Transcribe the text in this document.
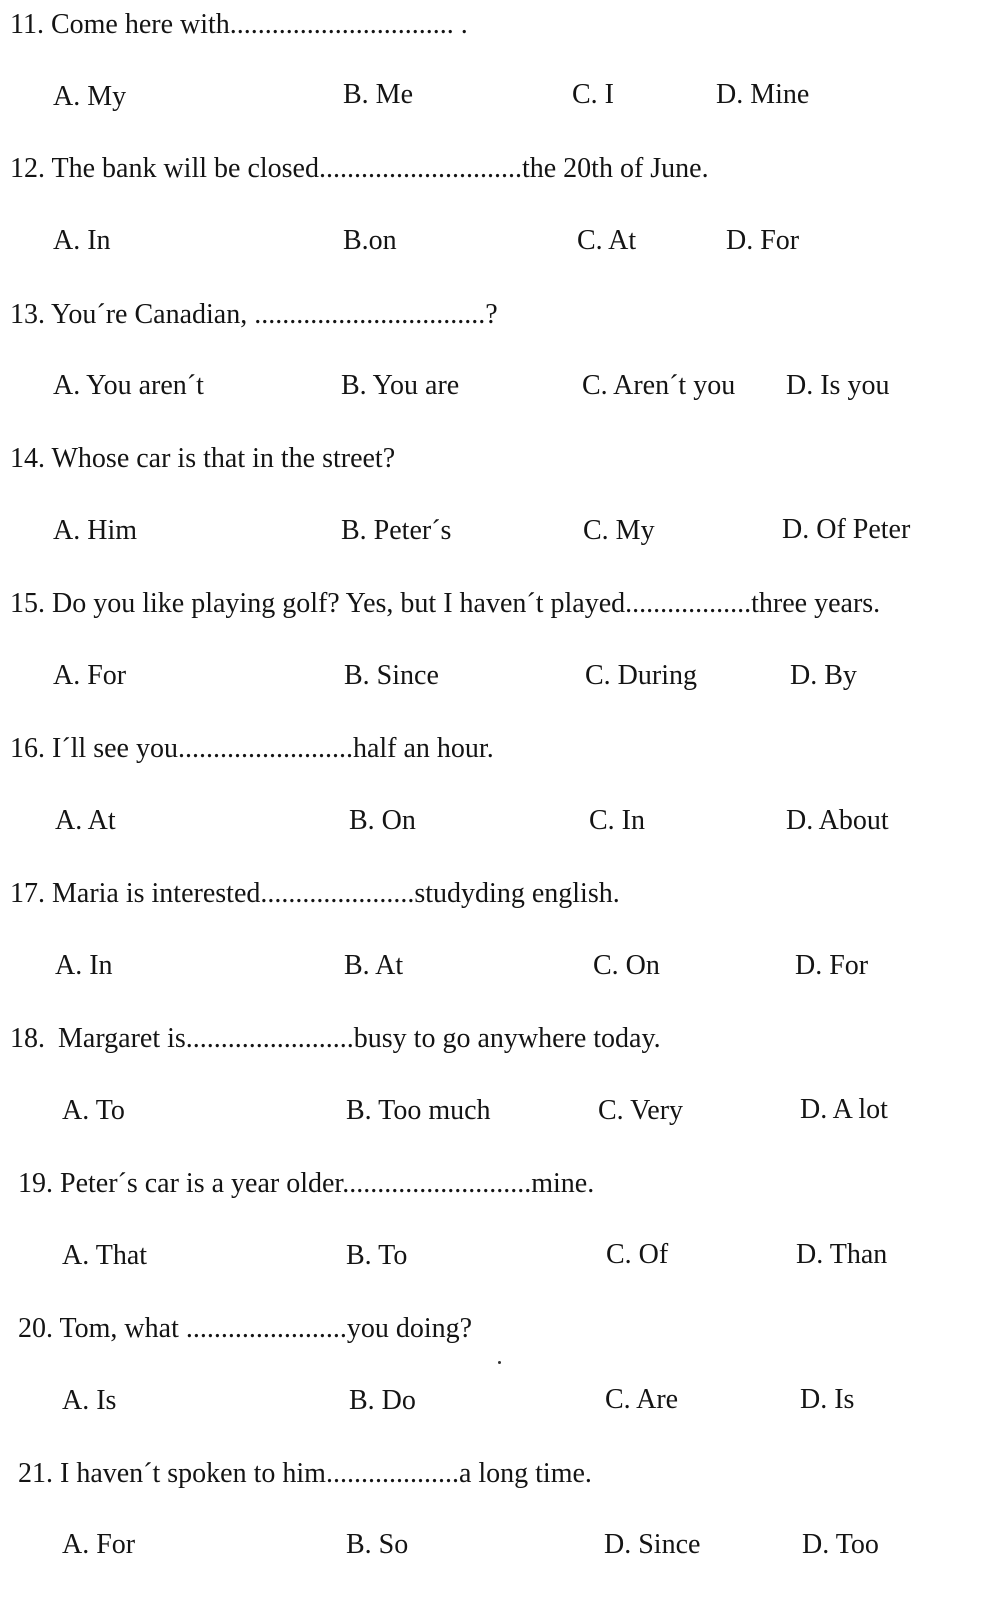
11. Come here with................................ .
A. My	B. Me	C. I	D. Mine
12. The bank will be closed.............................the 20th of June.
A. In	B.on	C. At	D. For
13. You´re Canadian, .................................?
A. You aren´t	B. You are	C. Aren´t you D. Is you
14. Whose car is that in the street?
A. Him	B. Peter´s	C. My	D. Of Peter
15. Do you like playing golf? Yes, but I haven´t played..................three years.
A. For	B. Since	C. During	D. By
16. I´ll see you.........................half an hour.
A. At	B. On	C. In	D. About
17. Maria is interested......................studyding english.
A. In	B. At	C. On	D. For
18. Margaret is........................busy to go anywhere today.
A. To	B. Too much	C. Very	D. A lot
19. Peter´s car is a year older...........................mine.
A. That	B. To	C. Of	D. Than
20. Tom, what .......................you doing?
A. Is	B. Do	C. Are	D. Is
21. I haven´t spoken to him...................a long time.
A. For	B. So	D. Since	D. Too
